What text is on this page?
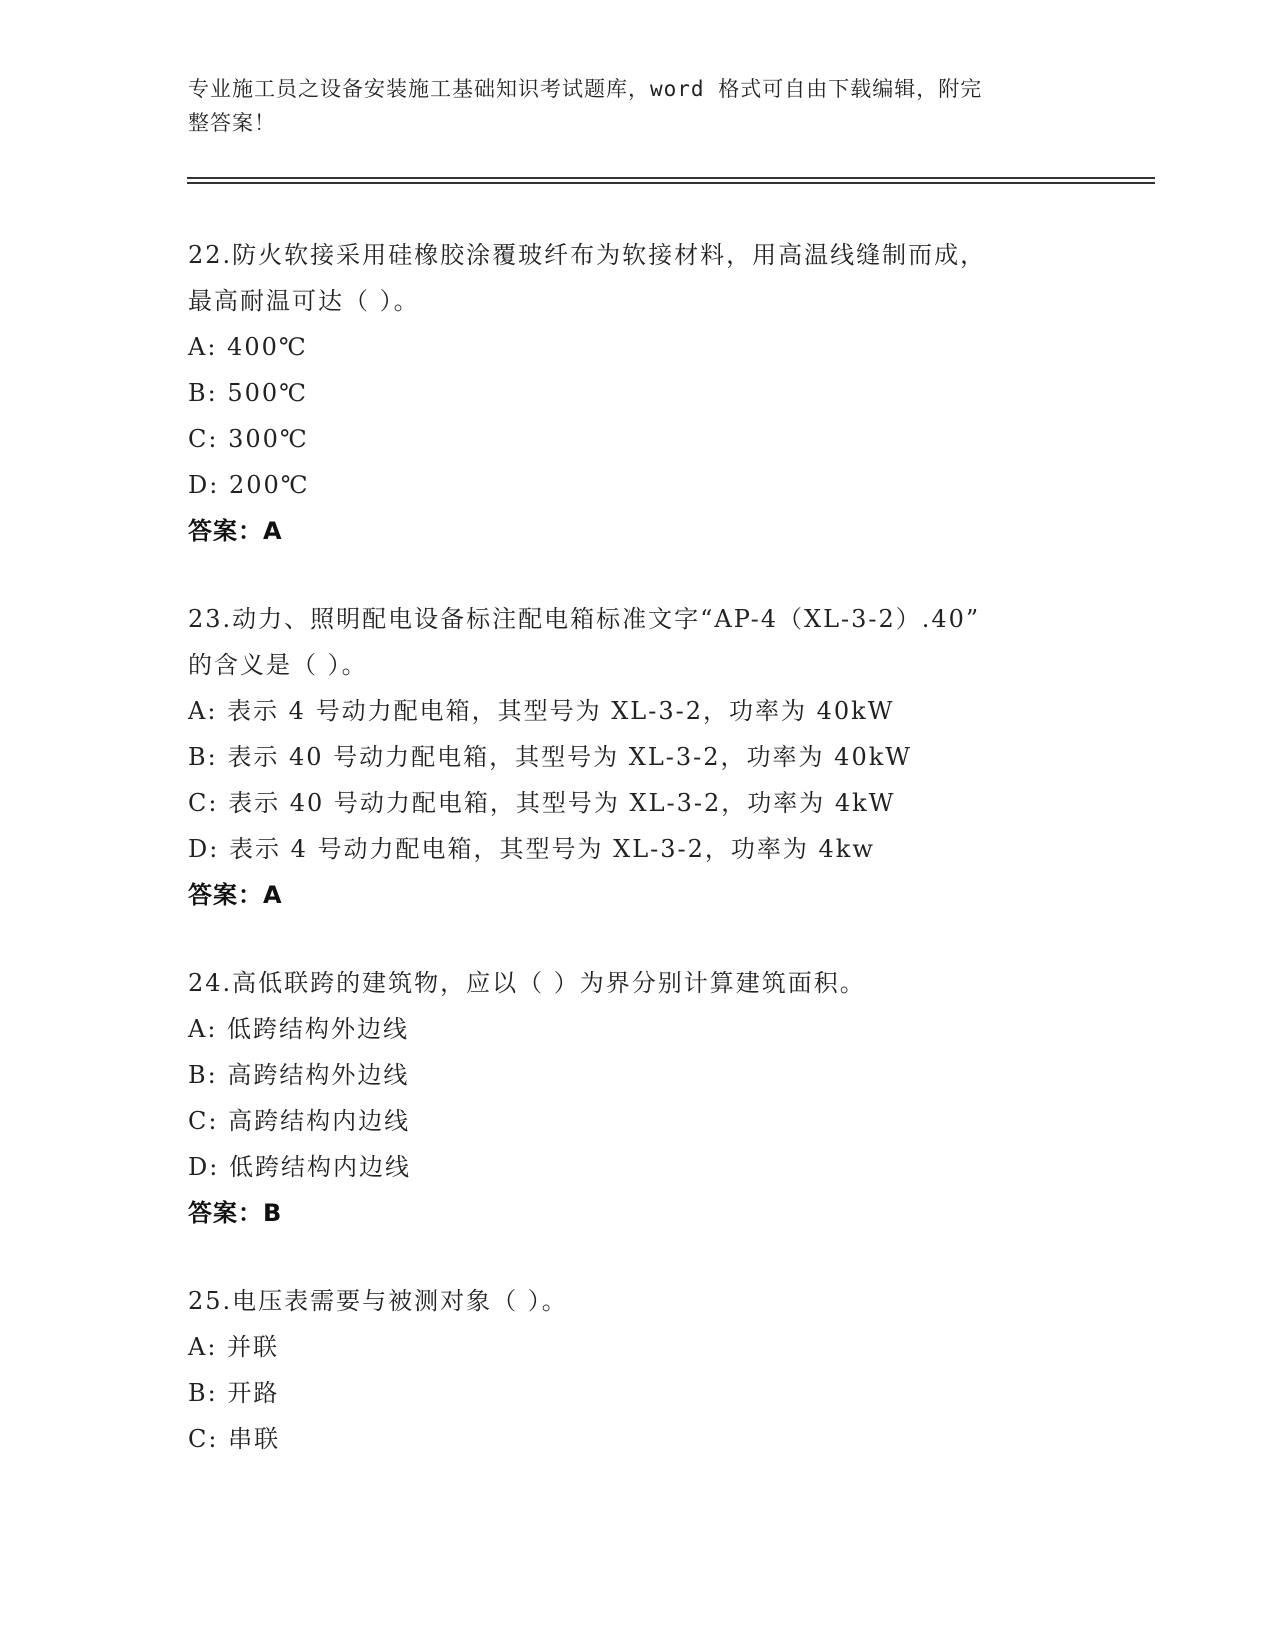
专业施工员之设备安装施工基础知识考试题库，word 格式可自由下载编辑，附完
整答案！
22.防火软接采用硅橡胶涂覆玻纤布为软接材料，用高温线缝制而成，
最高耐温可达（ ）。
A: 400℃
B: 500℃
C: 300℃
D: 200℃
答案：A
23.动力、照明配电设备标注配电箱标准文字“AP-4（XL-3-2）.40”
的含义是（ ）。
A: 表示 4 号动力配电箱，其型号为 XL-3-2，功率为 40kW
B: 表示 40 号动力配电箱，其型号为 XL-3-2，功率为 40kW
C: 表示 40 号动力配电箱，其型号为 XL-3-2，功率为 4kW
D: 表示 4 号动力配电箱，其型号为 XL-3-2，功率为 4kw
答案：A
24.高低联跨的建筑物，应以（ ）为界分别计算建筑面积。
A: 低跨结构外边线
B: 高跨结构外边线
C: 高跨结构内边线
D: 低跨结构内边线
答案：B
25.电压表需要与被测对象（ ）。
A: 并联
B: 开路
C: 串联
